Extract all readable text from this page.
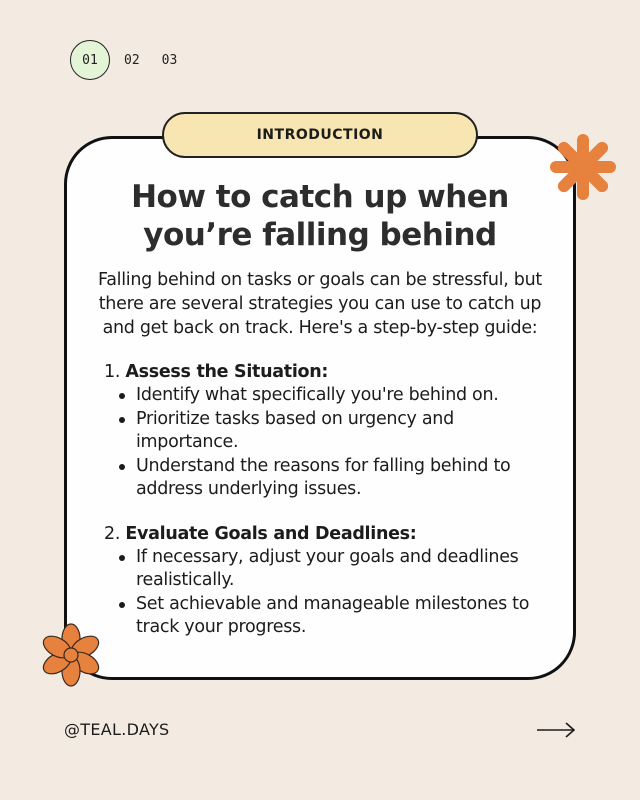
01	02	03
INTRODUCTION
How to catch up when
you’re falling behind

Falling behind on tasks or goals can be stressful, but there are several strategies you can use to catch up and get back on track. Here's a step-by-step guide:

1. Assess the Situation:
Identify what specifically you're behind on.
Prioritize tasks based on urgency and importance.
Understand the reasons for falling behind to address underlying issues.
2. Evaluate Goals and Deadlines:
If necessary, adjust your goals and deadlines realistically.
Set achievable and manageable milestones to track your progress.
@TEAL.DAYS
